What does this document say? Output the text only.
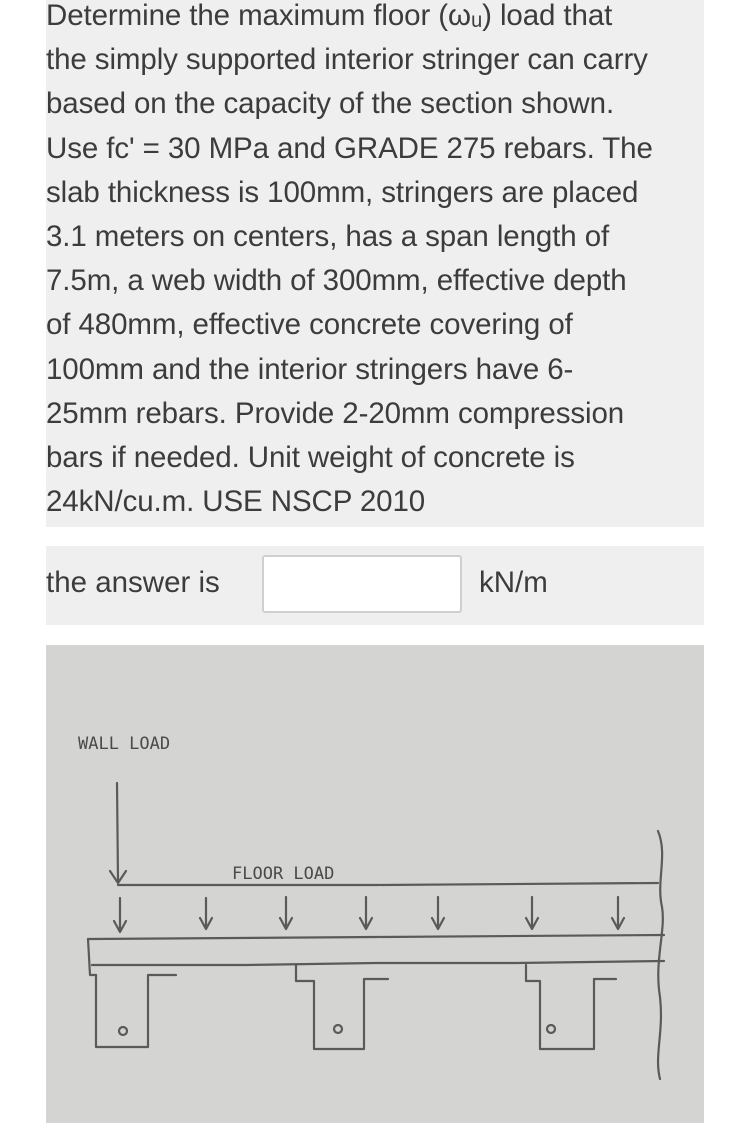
Determine the maximum floor (ωᵤ) load that
the simply supported interior stringer can carry
based on the capacity of the section shown.
Use fc' = 30 MPa and GRADE 275 rebars. The
slab thickness is 100mm, stringers are placed
3.1 meters on centers, has a span length of
7.5m, a web width of 300mm, effective depth
of 480mm, effective concrete covering of
100mm and the interior stringers have 6-
25mm rebars. Provide 2-20mm compression
bars if needed. Unit weight of concrete is
24kN/cu.m. USE NSCP 2010
the answer is	kN/m
WALL LOAD
FLOOR LOAD
